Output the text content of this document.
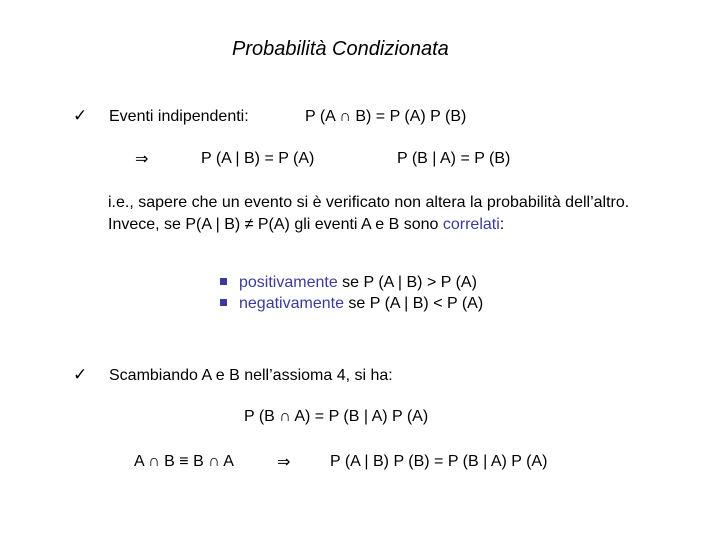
Probabilità Condizionata
✓ Eventi indipendenti:	P (A ∩ B) = P (A) P (B)
⇒	P (A | B) = P (A)	P (B | A) = P (B)
i.e., sapere che un evento si è verificato non altera la probabilità dell’altro.
Invece, se P(A | B) ≠ P(A) gli eventi A e B sono correlati:
positivamente se P (A | B) > P (A)
negativamente se P (A | B) < P (A)
✓ Scambiando A e B nell’assioma 4, si ha:
P (B ∩ A) = P (B | A) P (A)
A ∩ B ≡ B ∩ A	⇒ P (A | B) P (B) = P (B | A) P (A)
